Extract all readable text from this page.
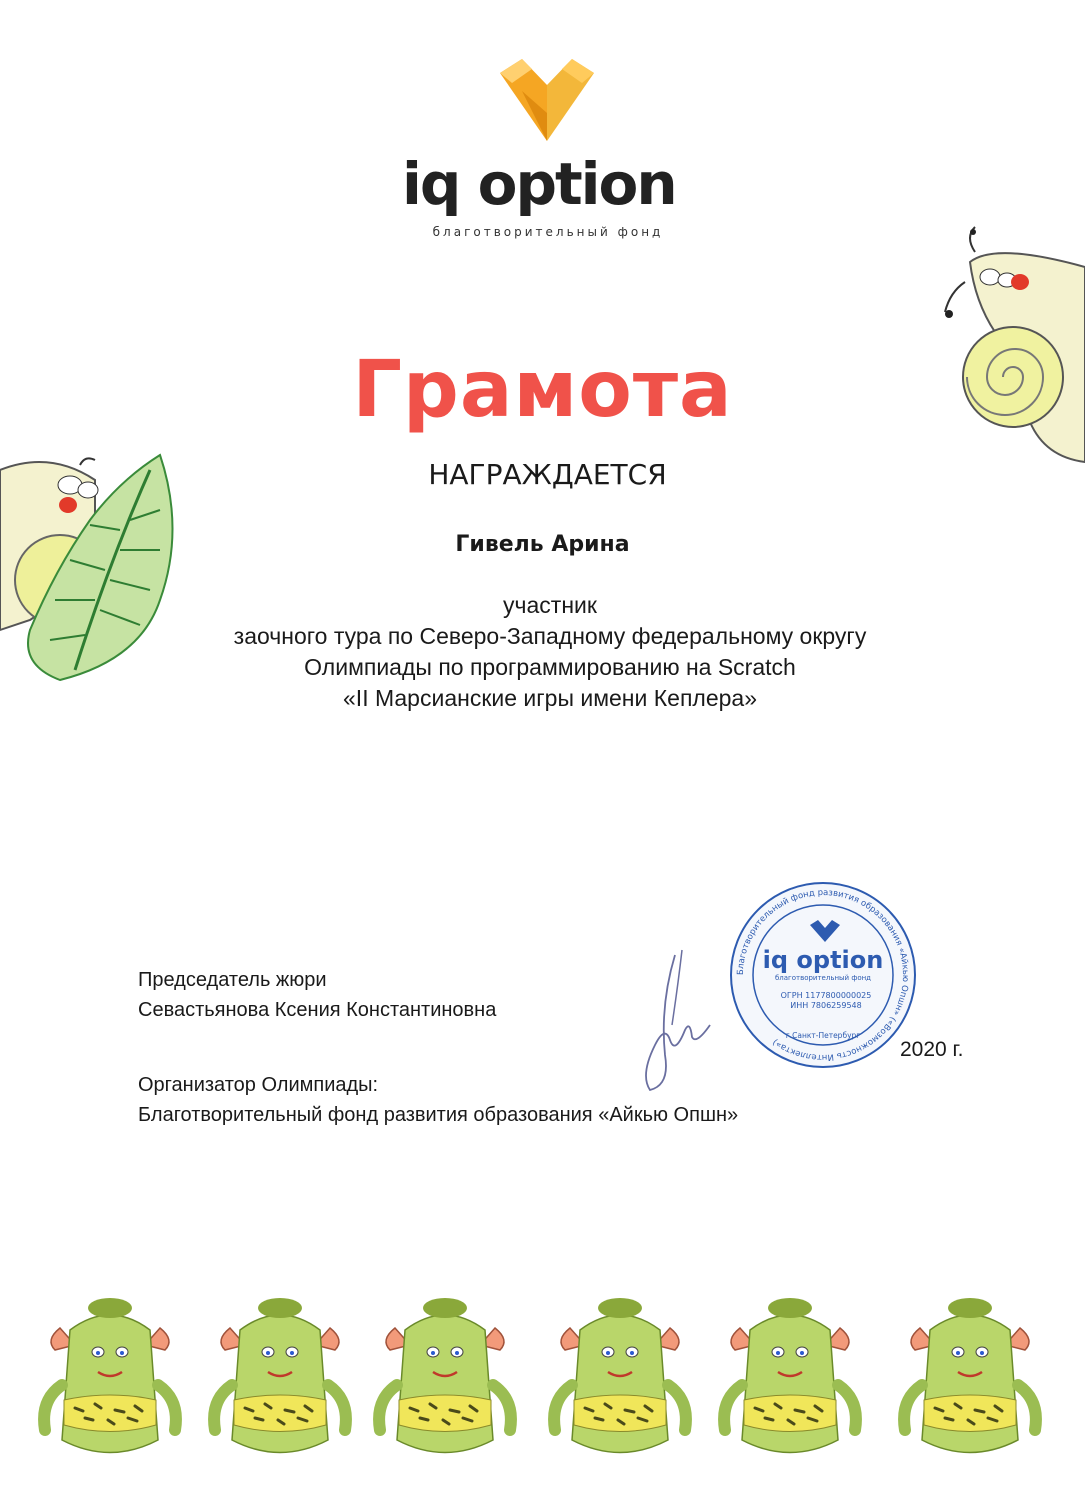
iq option
благотворительный фонд
Грамота
НАГРАЖДАЕТСЯ
Гивель Арина
участник
заочного тура по Северо-Западному федеральному округу
Олимпиады по программированию на Scratch
«II Марсианские игры имени Кеплера»
Председатель жюри
Севастьянова Ксения Константиновна
Благотворительный фонд развития образования «Айкью Опшн» («Возможность Интеллекта»)
iq option
благотворительный фонд
ОГРН 1177800000025
ИНН 7806259548
г.Санкт-Петербург
2020 г.
Организатор Олимпиады:
Благотворительный фонд развития образования «Айкью Опшн»
